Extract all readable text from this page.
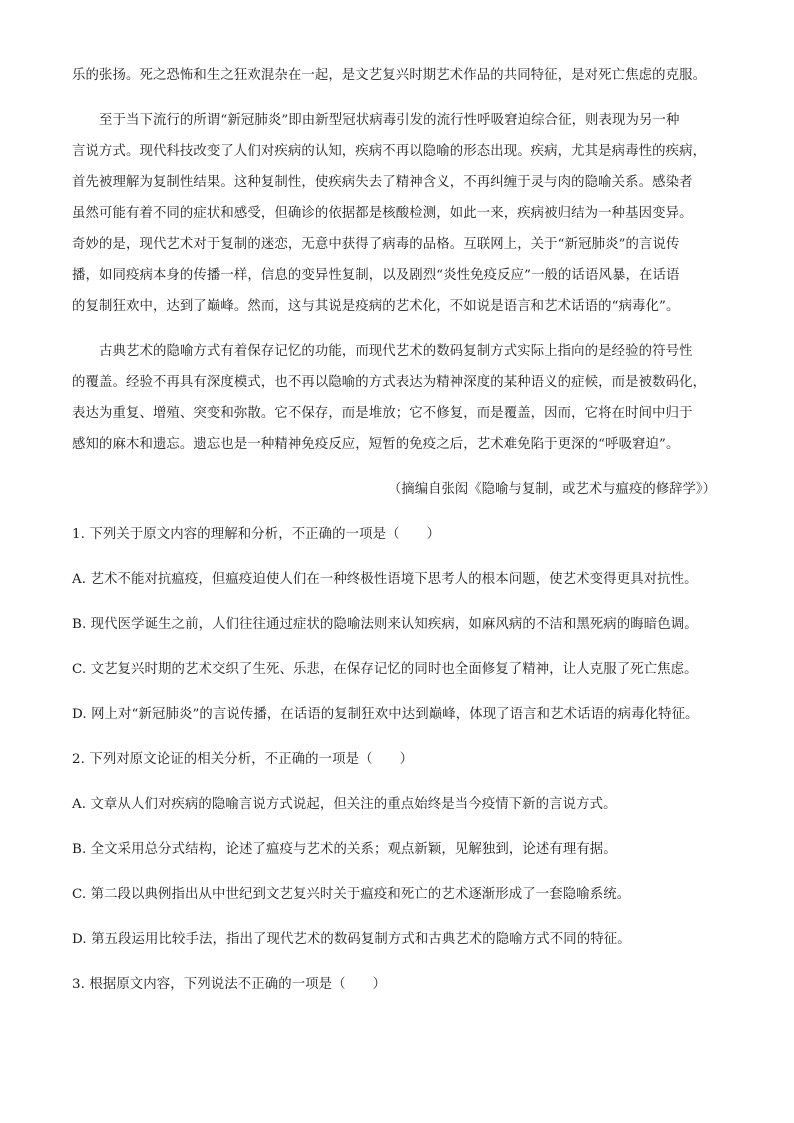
乐的张扬。死之恐怖和生之狂欢混杂在一起，是文艺复兴时期艺术作品的共同特征，是对死亡焦虑的克服。
至于当下流行的所谓“新冠肺炎”即由新型冠状病毒引发的流行性呼吸窘迫综合征，则表现为另一种
言说方式。现代科技改变了人们对疾病的认知，疾病不再以隐喻的形态出现。疾病，尤其是病毒性的疾病，
首先被理解为复制性结果。这种复制性，使疾病失去了精神含义，不再纠缠于灵与肉的隐喻关系。感染者
虽然可能有着不同的症状和感受，但确诊的依据都是核酸检测，如此一来，疾病被归结为一种基因变异。
奇妙的是，现代艺术对于复制的迷恋，无意中获得了病毒的品格。互联网上，关于“新冠肺炎”的言说传
播，如同疫病本身的传播一样，信息的变异性复制，以及剧烈“炎性免疫反应”一般的话语风暴，在话语
的复制狂欢中，达到了巅峰。然而，这与其说是疫病的艺术化，不如说是语言和艺术话语的“病毒化”。
古典艺术的隐喻方式有着保存记忆的功能，而现代艺术的数码复制方式实际上指向的是经验的符号性
的覆盖。经验不再具有深度模式，也不再以隐喻的方式表达为精神深度的某种语义的症候，而是被数码化，
表达为重复、增殖、突变和弥散。它不保存，而是堆放；它不修复，而是覆盖，因而，它将在时间中归于
感知的麻木和遗忘。遗忘也是一种精神免疫反应，短暂的免疫之后，艺术难免陷于更深的“呼吸窘迫”。
（摘编自张闳《隐喻与复制，或艺术与瘟疫的修辞学》）
1. 下列关于原文内容的理解和分析，不正确的一项是（　　）
A. 艺术不能对抗瘟疫，但瘟疫迫使人们在一种终极性语境下思考人的根本问题，使艺术变得更具对抗性。
B. 现代医学诞生之前，人们往往通过症状的隐喻法则来认知疾病，如麻风病的不洁和黑死病的晦暗色调。
C. 文艺复兴时期的艺术交织了生死、乐悲，在保存记忆的同时也全面修复了精神，让人克服了死亡焦虑。
D. 网上对“新冠肺炎”的言说传播，在话语的复制狂欢中达到巅峰，体现了语言和艺术话语的病毒化特征。
2. 下列对原文论证的相关分析，不正确的一项是（　　）
A. 文章从人们对疾病的隐喻言说方式说起，但关注的重点始终是当今疫情下新的言说方式。
B. 全文采用总分式结构，论述了瘟疫与艺术的关系；观点新颖，见解独到，论述有理有据。
C. 第二段以典例指出从中世纪到文艺复兴时关于瘟疫和死亡的艺术逐渐形成了一套隐喻系统。
D. 第五段运用比较手法，指出了现代艺术的数码复制方式和古典艺术的隐喻方式不同的特征。
3. 根据原文内容，下列说法不正确的一项是（　　）
